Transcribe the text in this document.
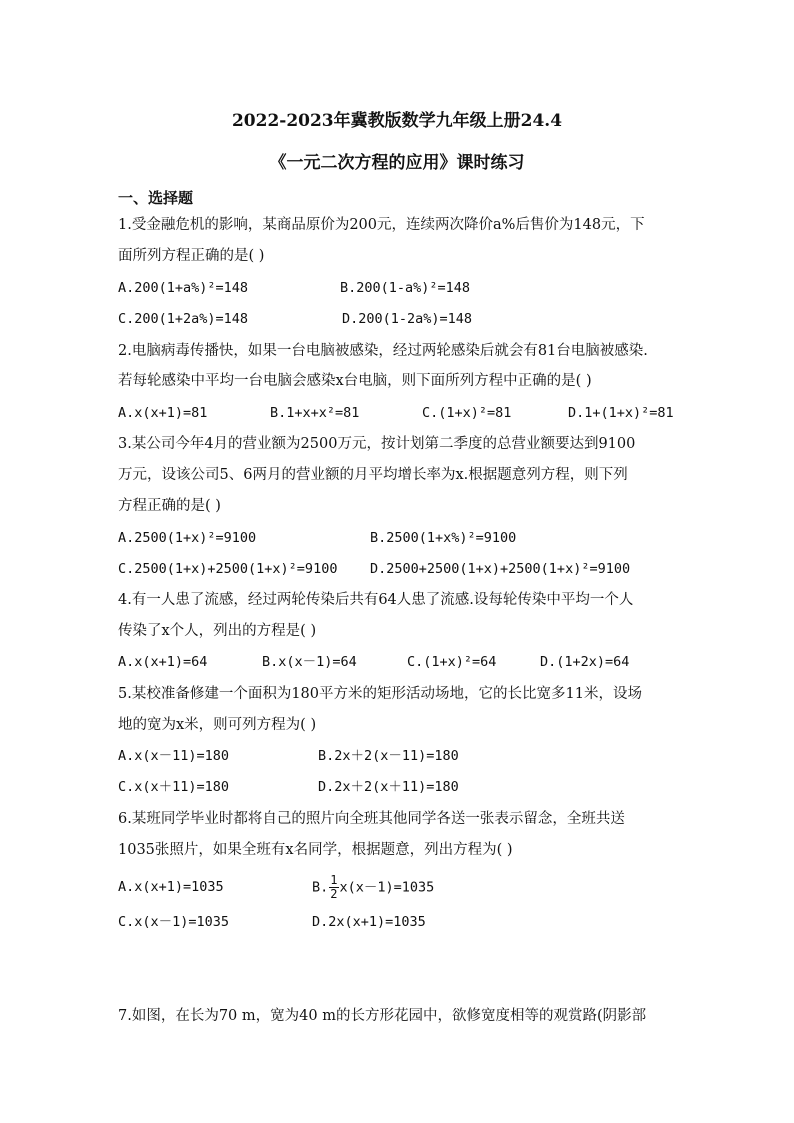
2022-2023年冀教版数学九年级上册24.4
《一元二次方程的应用》课时练习
一、选择题
1.受金融危机的影响，某商品原价为200元，连续两次降价a%后售价为148元，下
面所列方程正确的是( )
A.200(1+a%)²=148	B.200(1-a%)²=148
C.200(1+2a%)=148	D.200(1-2a%)=148
2.电脑病毒传播快，如果一台电脑被感染，经过两轮感染后就会有81台电脑被感染.
若每轮感染中平均一台电脑会感染x台电脑，则下面所列方程中正确的是( )
A.x(x+1)=81	B.1+x+x²=81	C.(1+x)²=81	D.1+(1+x)²=81
3.某公司今年4月的营业额为2500万元，按计划第二季度的总营业额要达到9100
万元，设该公司5、6两月的营业额的月平均增长率为x.根据题意列方程，则下列
方程正确的是( )
A.2500(1+x)²=9100	B.2500(1+x%)²=9100
C.2500(1+x)+2500(1+x)²=9100 D.2500+2500(1+x)+2500(1+x)²=9100
4.有一人患了流感，经过两轮传染后共有64人患了流感.设每轮传染中平均一个人
传染了x个人，列出的方程是( )
A.x(x+1)=64	B.x(x－1)=64	C.(1+x)²=64	D.(1+2x)=64
5.某校准备修建一个面积为180平方米的矩形活动场地，它的长比宽多11米，设场
地的宽为x米，则可列方程为( )
A.x(x－11)=180	B.2x＋2(x－11)=180
C.x(x＋11)=180	D.2x＋2(x＋11)=180
6.某班同学毕业时都将自己的照片向全班其他同学各送一张表示留念，全班共送
1035张照片，如果全班有x名同学，根据题意，列出方程为( )
A.x(x+1)=1035	B. $\frac{1}{2} x(x-1)=1035$
C.x(x－1)=1035	D.2x(x+1)=1035
7.如图，在长为70 m，宽为40 m的长方形花园中，欲修宽度相等的观赏路(阴影部
